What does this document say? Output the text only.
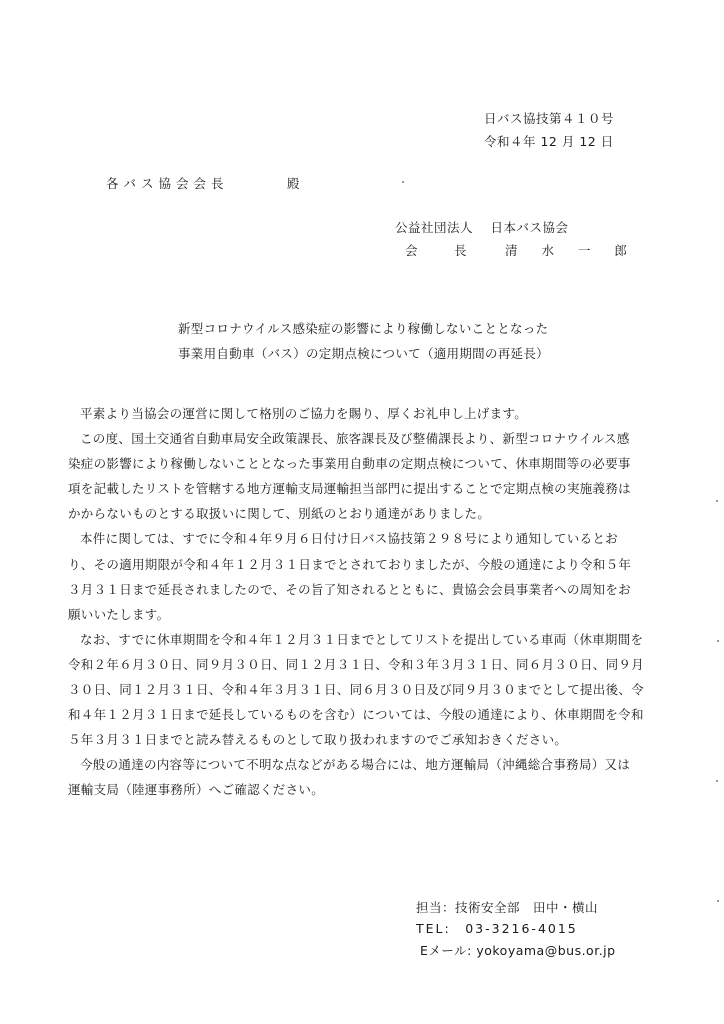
日バス協技第４１０号
令和４年 12 月 12 日
各バス協会会長	殿
公益社団法人　 日本バス協会
会　長 清 水 一 郎
新型コロナウイルス感染症の影響により稼働しないこととなった
事業用自動車（バス）の定期点検について（適用期間の再延長）
平素より当協会の運営に関して格別のご協力を賜り、厚くお礼申し上げます。
この度、国土交通省自動車局安全政策課長、旅客課長及び整備課長より、新型コロナウイルス感
染症の影響により稼働しないこととなった事業用自動車の定期点検について、休車期間等の必要事
項を記載したリストを管轄する地方運輸支局運輸担当部門に提出することで定期点検の実施義務は
かからないものとする取扱いに関して、別紙のとおり通達がありました。
本件に関しては、すでに令和４年９月６日付け日バス協技第２９８号により通知しているとお
り、その適用期限が令和４年１２月３１日までとされておりましたが、今般の通達により令和５年
３月３１日まで延長されましたので、その旨了知されるとともに、貴協会会員事業者への周知をお
願いいたします。
なお、すでに休車期間を令和４年１２月３１日までとしてリストを提出している車両（休車期間を
令和２年６月３０日、同９月３０日、同１２月３１日、令和３年３月３１日、同６月３０日、同９月
３０日、同１２月３１日、令和４年３月３１日、同６月３０日及び同９月３０までとして提出後、令
和４年１２月３１日まで延長しているものを含む）については、今般の通達により、休車期間を令和
５年３月３１日までと読み替えるものとして取り扱われますのでご承知おきください。
今般の通達の内容等について不明な点などがある場合には、地方運輸局（沖縄総合事務局）又は
運輸支局（陸運事務所）へご確認ください。
担当：技術安全部　田中・横山
TEL:　03-3216-4015
Eメール: yokoyama@bus.or.jp
